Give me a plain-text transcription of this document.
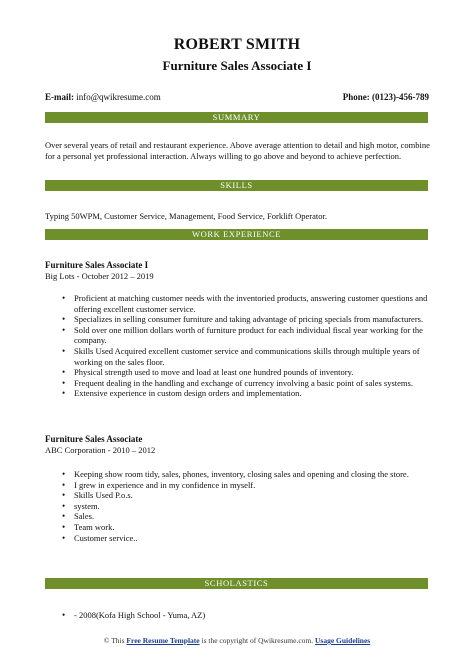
ROBERT SMITH
Furniture Sales Associate I
E-mail: info@qwikresume.com	Phone: (0123)-456-789
SUMMARY
Over several years of retail and restaurant experience. Above average attention to detail and high motor, combine for a personal yet professional interaction. Always willing to go above and beyond to achieve perfection.
SKILLS
Typing 50WPM, Customer Service, Management, Food Service, Forklift Operator.
WORK EXPERIENCE
Furniture Sales Associate I
Big Lots - October 2012 – 2019
• Proficient at matching customer needs with the inventoried products, answering customer questions and offering excellent customer service.
• Specializes in selling consumer furniture and taking advantage of pricing specials from manufacturers.
• Sold over one million dollars worth of furniture product for each individual fiscal year working for the company.
• Skills Used Acquired excellent customer service and communications skills through multiple years of working on the sales floor.
• Physical strength used to move and load at least one hundred pounds of inventory.
• Frequent dealing in the handling and exchange of currency involving a basic point of sales systems.
• Extensive experience in custom design orders and implementation.
Furniture Sales Associate
ABC Corporation - 2010 – 2012
• Keeping show room tidy, sales, phones, inventory, closing sales and opening and closing the store.
• I grew in experience and in my confidence in myself.
• Skills Used P.o.s.
• system.
• Sales.
• Team work.
• Customer service..
SCHOLASTICS
• - 2008(Kofa High School - Yuma, AZ)
© This Free Resume Template is the copyright of Qwikresume.com. Usage Guidelines
